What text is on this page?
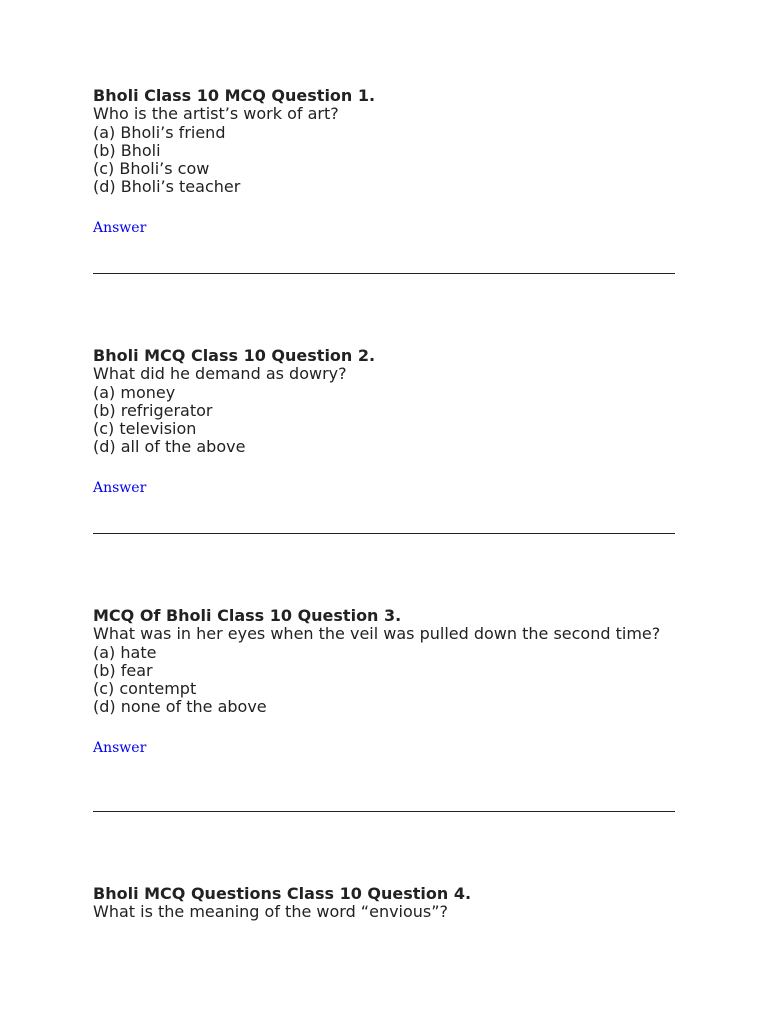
Bholi Class 10 MCQ Question 1.

Who is the artist’s work of art?

(a) Bholi’s friend

(b) Bholi

(c) Bholi’s cow

(d) Bholi’s teacher

Answer

Bholi MCQ Class 10 Question 2.

What did he demand as dowry?

(a) money

(b) refrigerator

(c) television

(d) all of the above

Answer

MCQ Of Bholi Class 10 Question 3.

What was in her eyes when the veil was pulled down the second time?

(a) hate

(b) fear

(c) contempt

(d) none of the above

Answer

Bholi MCQ Questions Class 10 Question 4.

What is the meaning of the word “envious”?
